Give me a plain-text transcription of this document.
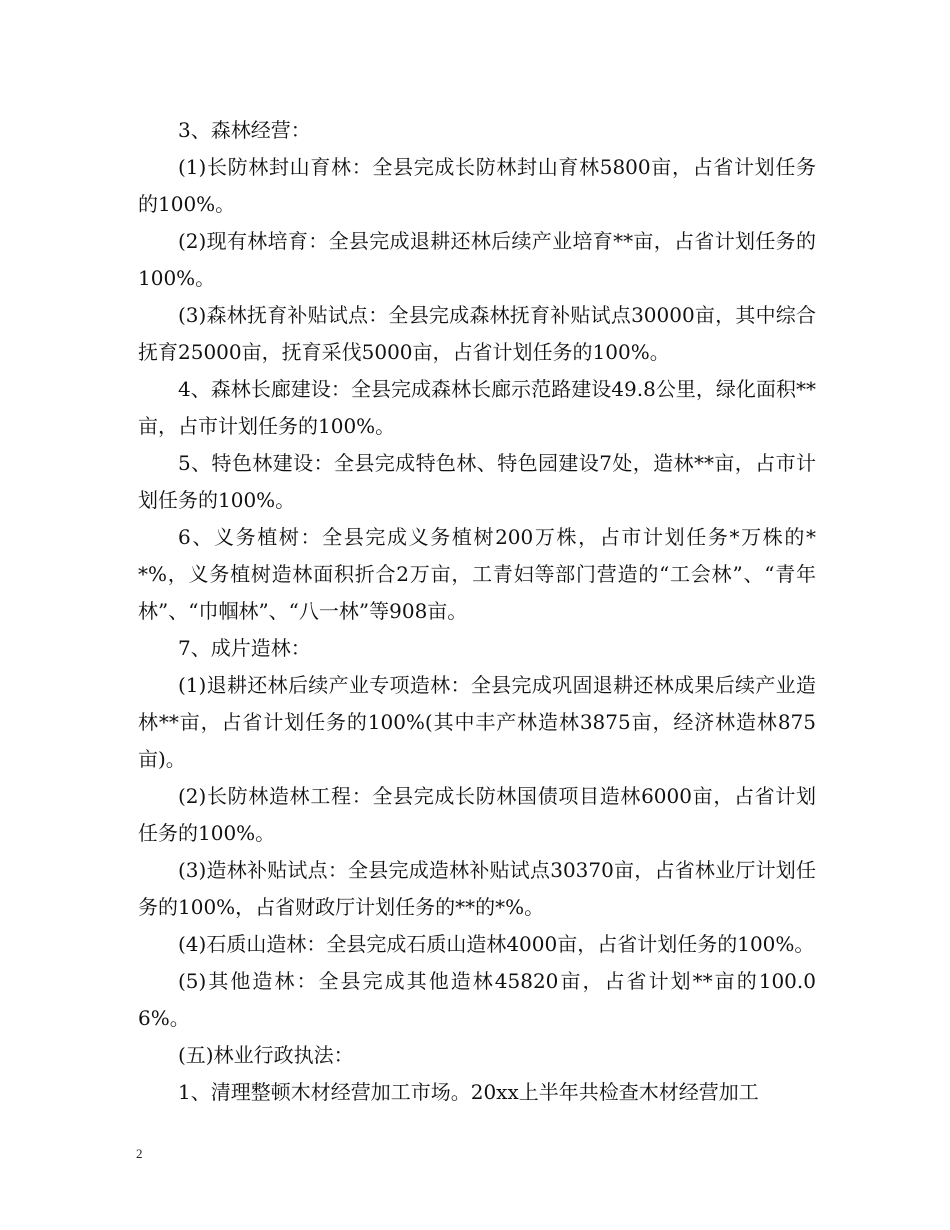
3、森林经营：

(1)长防林封山育林：全县完成长防林封山育林5800亩，占省计划任务的100%。

(2)现有林培育：全县完成退耕还林后续产业培育**亩，占省计划任务的100%。

(3)森林抚育补贴试点：全县完成森林抚育补贴试点30000亩，其中综合抚育25000亩，抚育采伐5000亩，占省计划任务的100%。

4、森林长廊建设：全县完成森林长廊示范路建设49.8公里，绿化面积**亩，占市计划任务的100%。

5、特色林建设：全县完成特色林、特色园建设7处，造林**亩，占市计划任务的100%。

6、义务植树：全县完成义务植树200万株，占市计划任务*万株的**%，义务植树造林面积折合2万亩，工青妇等部门营造的“工会林”、“青年林”、“巾帼林”、“八一林”等908亩。

7、成片造林：

(1)退耕还林后续产业专项造林：全县完成巩固退耕还林成果后续产业造林**亩，占省计划任务的100%(其中丰产林造林3875亩，经济林造林875亩)。

(2)长防林造林工程：全县完成长防林国债项目造林6000亩，占省计划任务的100%。

(3)造林补贴试点：全县完成造林补贴试点30370亩，占省林业厅计划任务的100%，占省财政厅计划任务的**的*%。

(4)石质山造林：全县完成石质山造林4000亩，占省计划任务的100%。

(5)其他造林：全县完成其他造林45820亩，占省计划**亩的100.06%。

(五)林业行政执法：

1、清理整顿木材经营加工市场。20xx上半年共检查木材经营加工

2
